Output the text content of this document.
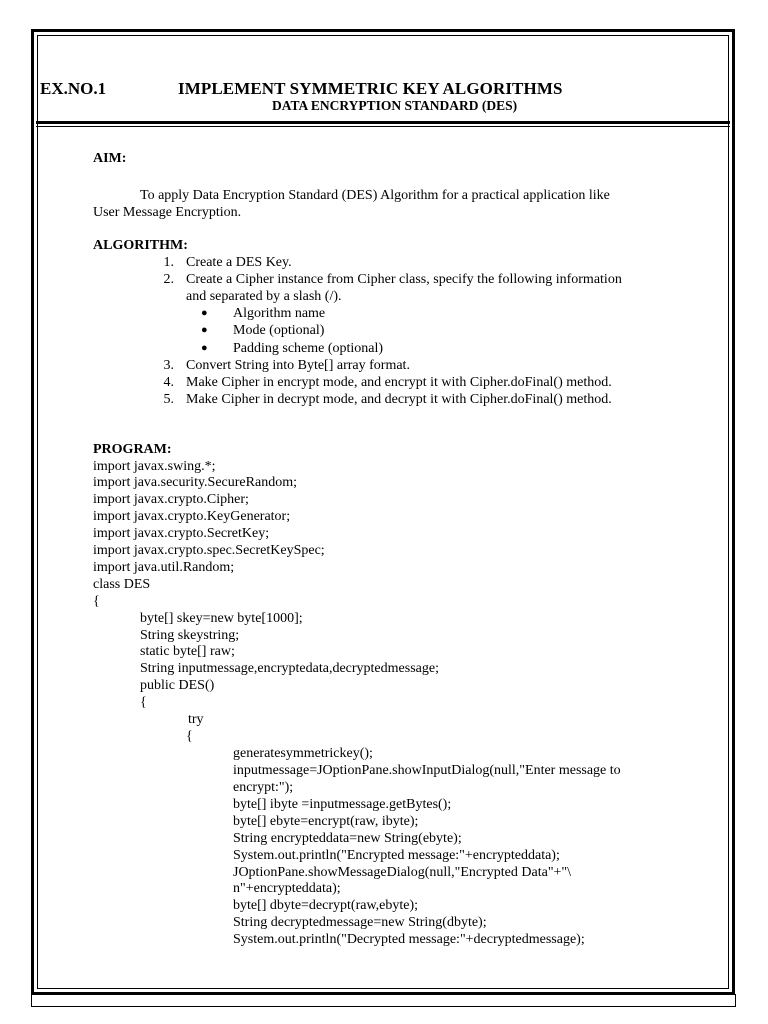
EX.NO.1	IMPLEMENT SYMMETRIC KEY ALGORITHMS
DATA ENCRYPTION STANDARD (DES)
AIM:
To apply Data Encryption Standard (DES) Algorithm for a practical application like
User Message Encryption.
ALGORITHM:
1. Create a DES Key.
2. Create a Cipher instance from Cipher class, specify the following information
and separated by a slash (/).
● Algorithm name
● Mode (optional)
● Padding scheme (optional)
3. Convert String into Byte[] array format.
4. Make Cipher in encrypt mode, and encrypt it with Cipher.doFinal() method.
5. Make Cipher in decrypt mode, and decrypt it with Cipher.doFinal() method.
PROGRAM:
import javax.swing.*;
import java.security.SecureRandom;
import javax.crypto.Cipher;
import javax.crypto.KeyGenerator;
import javax.crypto.SecretKey;
import javax.crypto.spec.SecretKeySpec;
import java.util.Random;
class DES
{
byte[] skey=new byte[1000];
String skeystring;
static byte[] raw;
String inputmessage,encryptedata,decryptedmessage;
public DES()
{
try
{
generatesymmetrickey();
inputmessage=JOptionPane.showInputDialog(null,"Enter message to
encrypt:");
byte[] ibyte =inputmessage.getBytes();
byte[] ebyte=encrypt(raw, ibyte);
String encrypteddata=new String(ebyte);
System.out.println("Encrypted message:"+encrypteddata);
JOptionPane.showMessageDialog(null,"Encrypted Data"+"\
n"+encrypteddata);
byte[] dbyte=decrypt(raw,ebyte);
String decryptedmessage=new String(dbyte);
System.out.println("Decrypted message:"+decryptedmessage);
